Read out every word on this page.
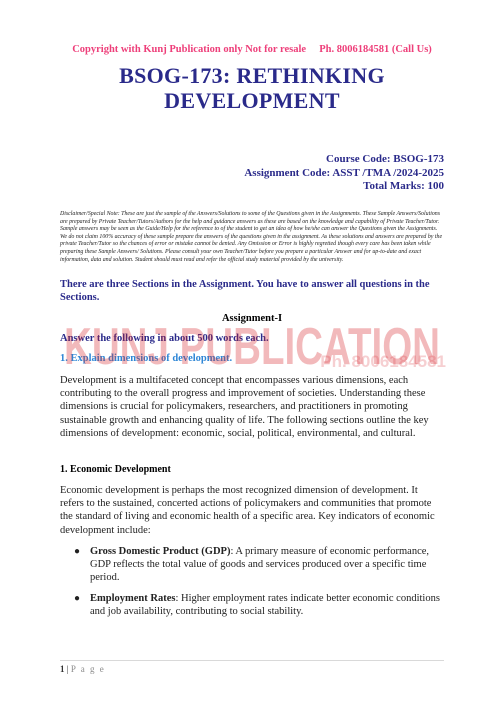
Copyright with Kunj Publication only Not for resale Ph. 8006184581 (Call Us)
BSOG-173: RETHINKING
DEVELOPMENT
Course Code: BSOG-173
Assignment Code: ASST /TMA /2024-2025
Total Marks: 100
Disclaimer/Special Note: These are just the sample of the Answers/Solutions to some of the Questions given in the Assignments. These Sample Answers/Solutions are prepared by Private Teacher/Tutors/Authors for the help and guidance answers as these are based on the knowledge and capability of Private Teacher/Tutor. Sample answers may be seen as the Guide/Help for the reference to of the student to get an idea of how he/she can answer the Questions given the Assignments. We do not claim 100% accuracy of these sample prepare the answers of the questions given in the assignment. As these solutions and answers are prepared by the private Teacher/Tutor so the chances of error or mistake cannot be denied. Any Omission or Error is highly regretted though every care has been taken while preparing these Sample Answers/ Solutions. Please consult your own Teacher/Tutor before you prepare a particular Answer and for up-to-date and exact information, data and solution. Student should must read and refer the official study material provided by the university.
There are three Sections in the Assignment. You have to answer all questions in the Sections.
Assignment-I
Answer the following in about 500 words each.
1. Explain dimensions of development.
KUNJ PUBLICATION
Ph. 8006184581
Development is a multifaceted concept that encompasses various dimensions, each contributing to the overall progress and improvement of societies. Understanding these dimensions is crucial for policymakers, researchers, and practitioners in promoting sustainable growth and enhancing quality of life. The following sections outline the key dimensions of development: economic, social, political, environmental, and cultural.
1. Economic Development
Economic development is perhaps the most recognized dimension of development. It refers to the sustained, concerted actions of policymakers and communities that promote the standard of living and economic health of a specific area. Key indicators of economic development include:
● Gross Domestic Product (GDP): A primary measure of economic performance, GDP reflects the total value of goods and services produced over a specific time period.
● Employment Rates: Higher employment rates indicate better economic conditions and job availability, contributing to social stability.
1 | P a g e
